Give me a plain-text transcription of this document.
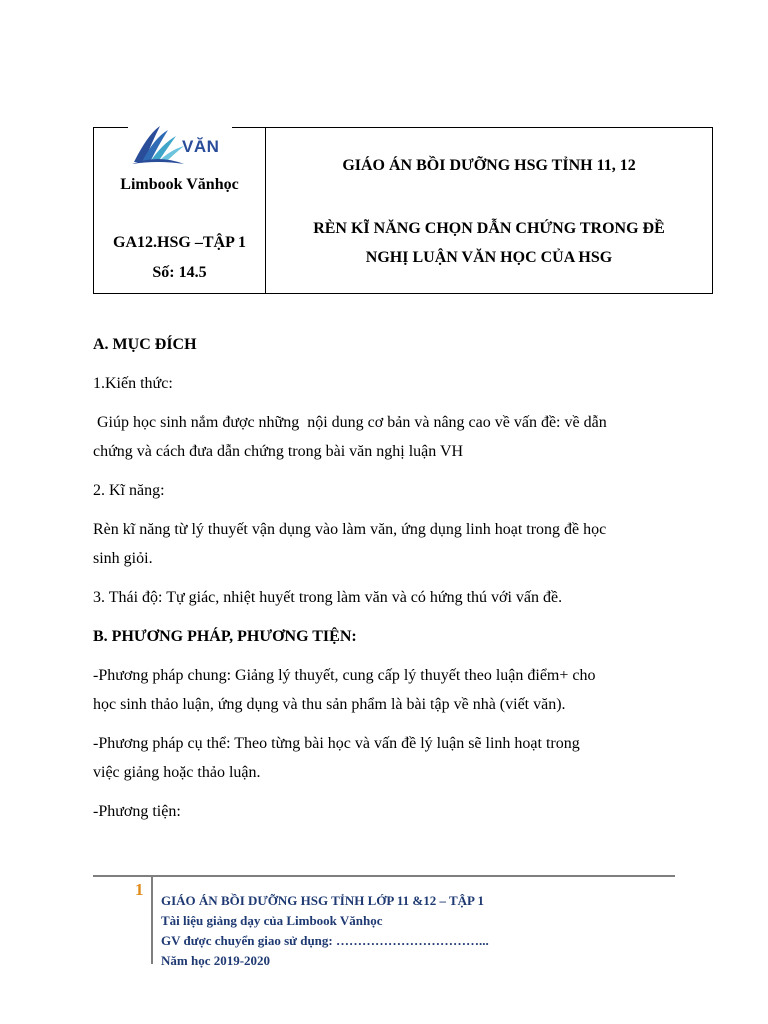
VĂN
Limbook Vănhọc
GA12.HSG –TẬP 1
Số: 14.5
GIÁO ÁN BỒI DƯỠNG HSG TỈNH 11, 12
RÈN KĨ NĂNG CHỌN DẪN CHỨNG TRONG ĐỀ
NGHỊ LUẬN VĂN HỌC CỦA HSG

A. MỤC ĐÍCH

1.Kiến thức:

Giúp học sinh nắm được những  nội dung cơ bản và nâng cao về vấn đề: về dẫn

chứng và cách đưa dẫn chứng trong bài văn nghị luận VH

2. Kĩ năng:

Rèn kĩ năng từ lý thuyết vận dụng vào làm văn, ứng dụng linh hoạt trong đề học

sinh giỏi.

3. Thái độ: Tự giác, nhiệt huyết trong làm văn và có hứng thú với vấn đề.

B. PHƯƠNG PHÁP, PHƯƠNG TIỆN:

-Phương pháp chung: Giảng lý thuyết, cung cấp lý thuyết theo luận điểm+ cho

học sinh thảo luận, ứng dụng và thu sản phẩm là bài tập về nhà (viết văn).

-Phương pháp cụ thể: Theo từng bài học và vấn đề lý luận sẽ linh hoạt trong

việc giảng hoặc thảo luận.

-Phương tiện:

1
GIÁO ÁN BỒI DƯỠNG HSG TỈNH LỚP 11 &12 – TẬP 1
Tài liệu giảng dạy của Limbook Vănhọc
GV được chuyển giao sử dụng: ……………………………...
Năm học 2019-2020
